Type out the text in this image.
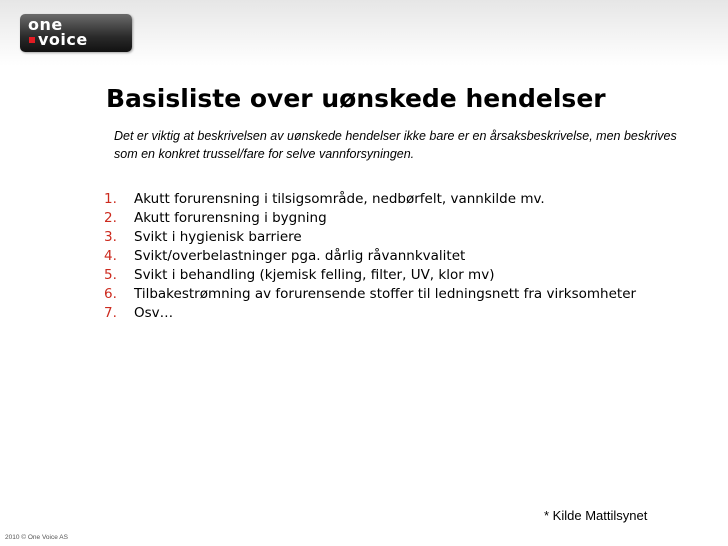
one
voice
Basisliste over uønskede hendelser
Det er viktig at beskrivelsen av uønskede hendelser ikke bare er en årsaksbeskrivelse, men beskrives som en konkret trussel/fare for selve vannforsyningen.
1. Akutt forurensning i tilsigsområde, nedbørfelt, vannkilde mv.
2. Akutt forurensning i bygning
3. Svikt i hygienisk barriere
4. Svikt/overbelastninger pga. dårlig råvannkvalitet
5. Svikt i behandling (kjemisk felling, filter, UV, klor mv)
6. Tilbakestrømning av forurensende stoffer til ledningsnett fra virksomheter
7. Osv…
* Kilde Mattilsynet
2010 © One Voice AS
